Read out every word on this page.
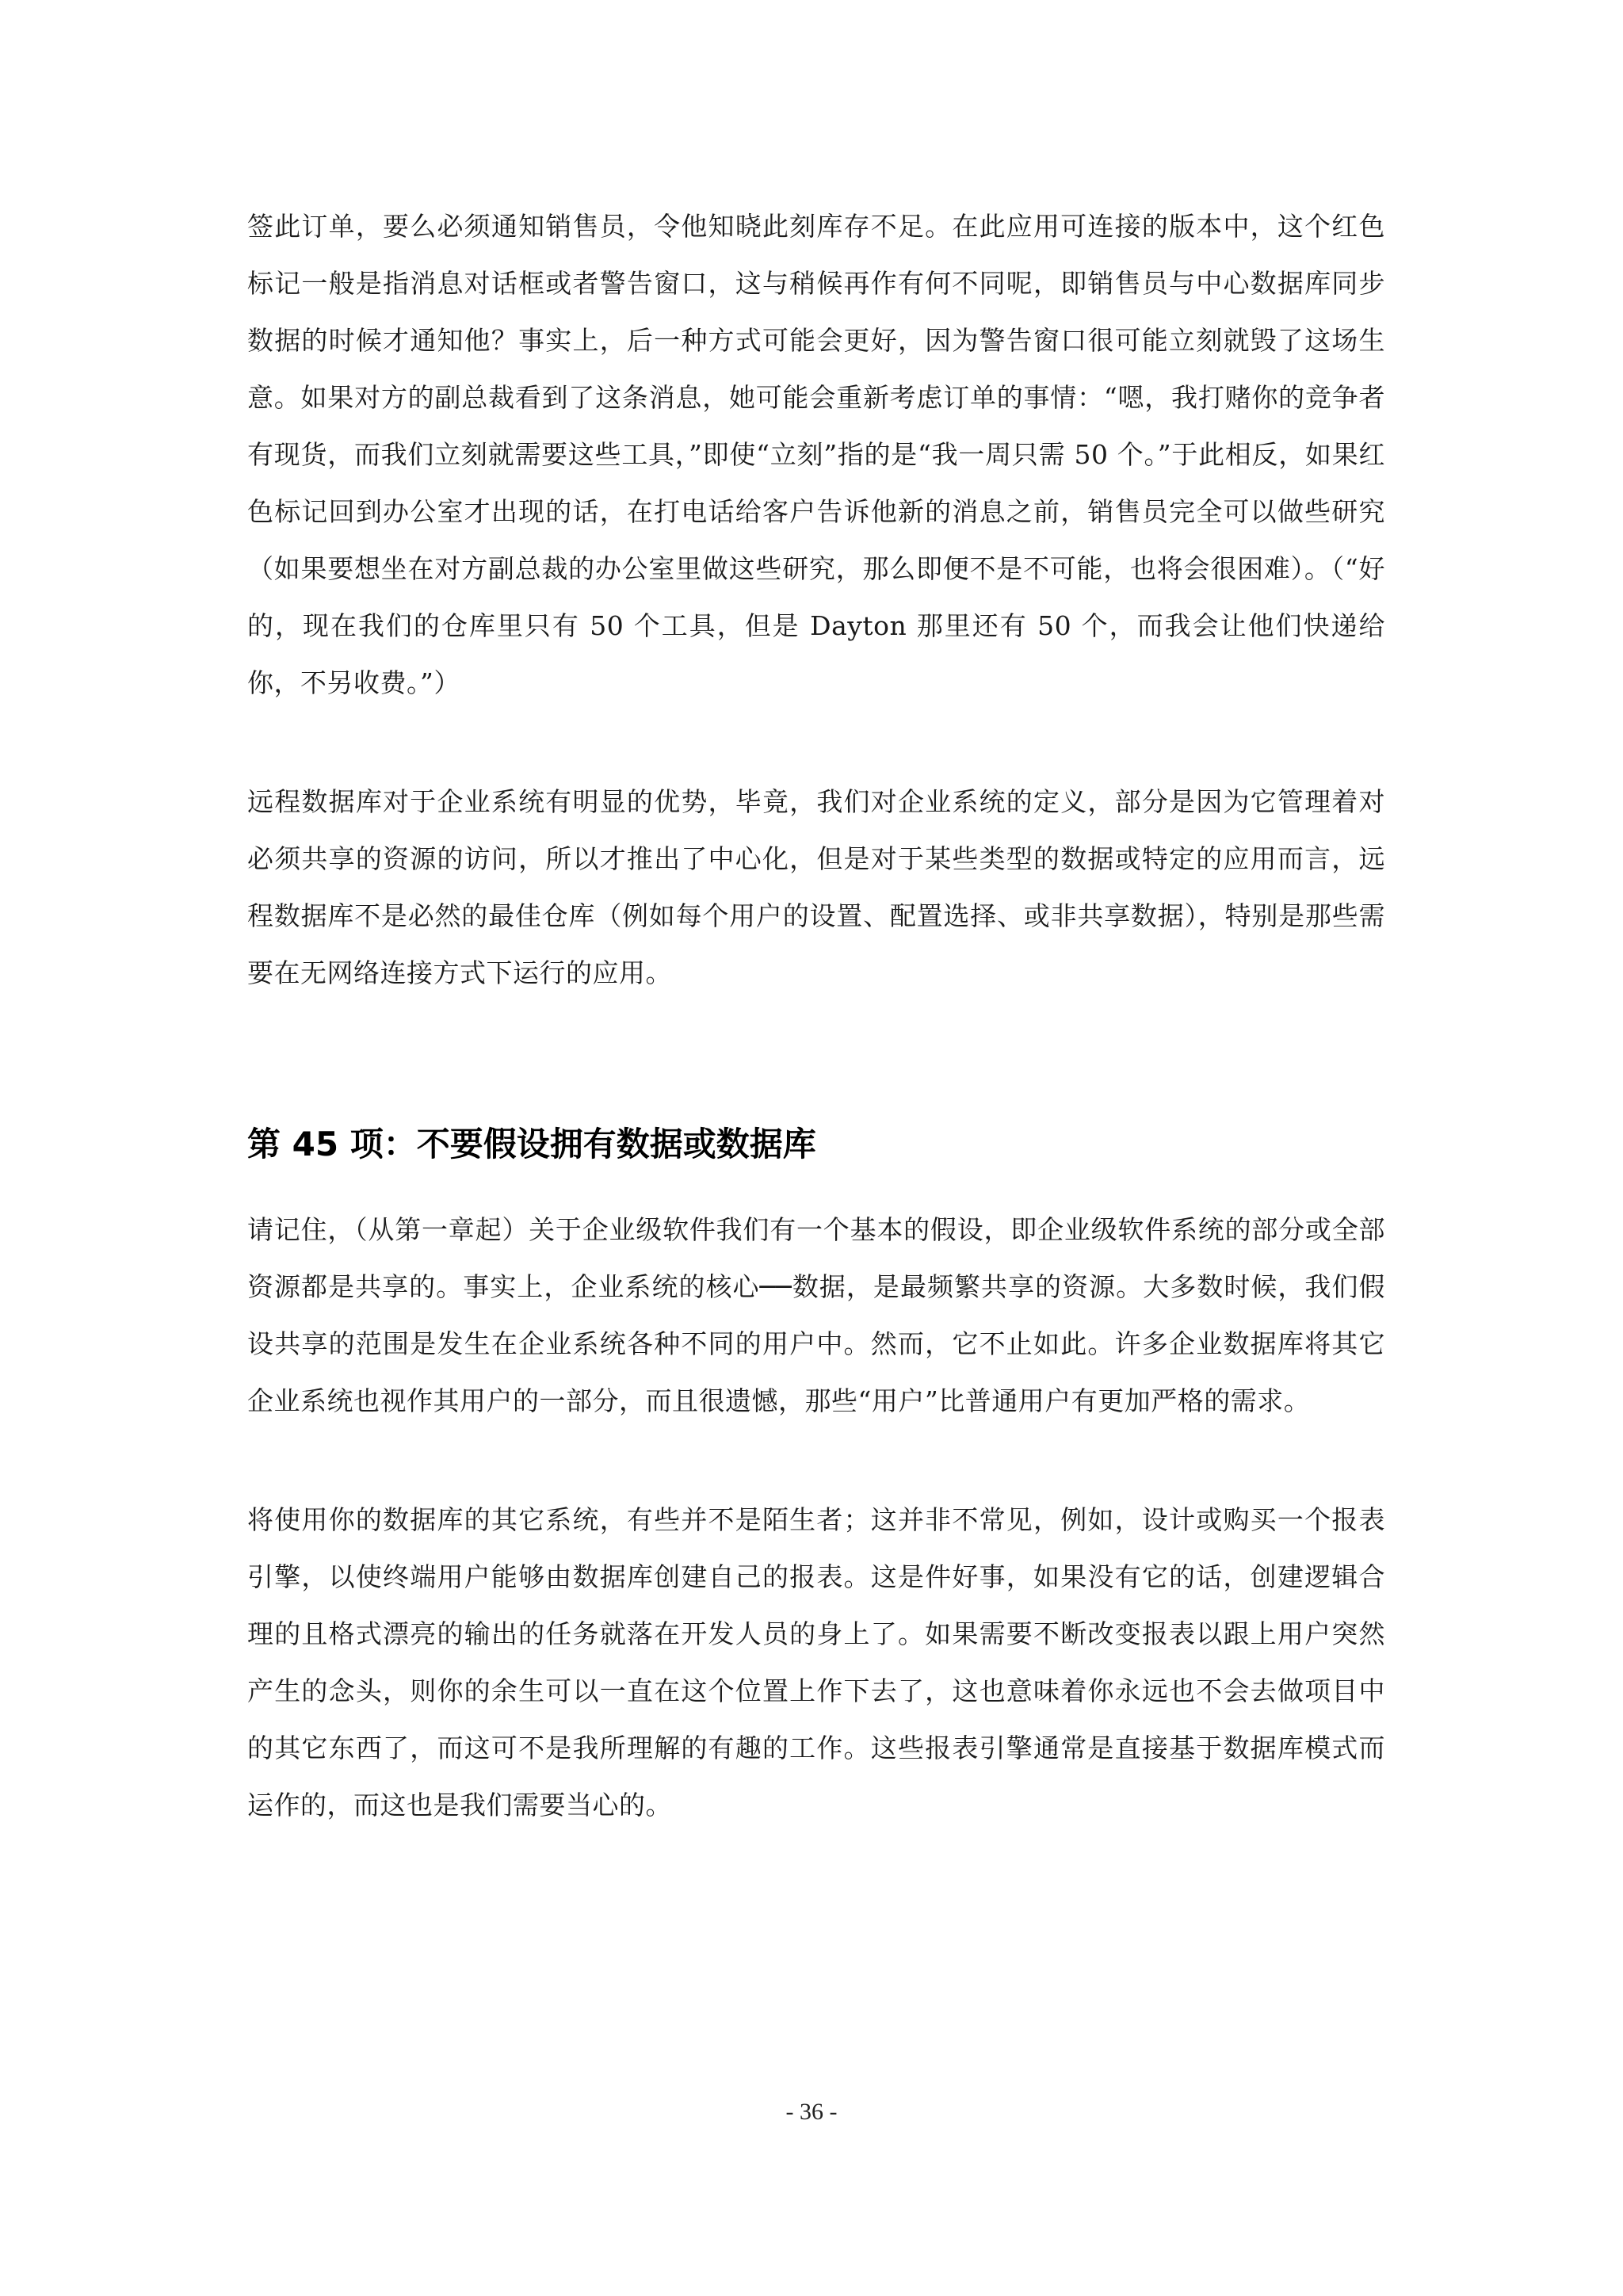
签此订单，要么必须通知销售员，令他知晓此刻库存不足。在此应用可连接的版本中，这个红色标记一般是指消息对话框或者警告窗口，这与稍候再作有何不同呢，即销售员与中心数据库同步数据的时候才通知他？事实上，后一种方式可能会更好，因为警告窗口很可能立刻就毁了这场生意。如果对方的副总裁看到了这条消息，她可能会重新考虑订单的事情：“嗯，我打赌你的竞争者有现货，而我们立刻就需要这些工具，”即使“立刻”指的是“我一周只需 50 个。”于此相反，如果红色标记回到办公室才出现的话，在打电话给客户告诉他新的消息之前，销售员完全可以做些研究（如果要想坐在对方副总裁的办公室里做这些研究，那么即便不是不可能，也将会很困难）。（“好的，现在我们的仓库里只有 50 个工具，但是 Dayton 那里还有 50 个，而我会让他们快递给你，不另收费。”）

远程数据库对于企业系统有明显的优势，毕竟，我们对企业系统的定义，部分是因为它管理着对必须共享的资源的访问，所以才推出了中心化，但是对于某些类型的数据或特定的应用而言，远程数据库不是必然的最佳仓库（例如每个用户的设置、配置选择、或非共享数据），特别是那些需要在无网络连接方式下运行的应用。

第 45 项：不要假设拥有数据或数据库

请记住，（从第一章起）关于企业级软件我们有一个基本的假设，即企业级软件系统的部分或全部资源都是共享的。事实上，企业系统的核心──数据，是最频繁共享的资源。大多数时候，我们假设共享的范围是发生在企业系统各种不同的用户中。然而，它不止如此。许多企业数据库将其它企业系统也视作其用户的一部分，而且很遗憾，那些“用户”比普通用户有更加严格的需求。

将使用你的数据库的其它系统，有些并不是陌生者；这并非不常见，例如，设计或购买一个报表引擎，以使终端用户能够由数据库创建自己的报表。这是件好事，如果没有它的话，创建逻辑合理的且格式漂亮的输出的任务就落在开发人员的身上了。如果需要不断改变报表以跟上用户突然产生的念头，则你的余生可以一直在这个位置上作下去了，这也意味着你永远也不会去做项目中的其它东西了，而这可不是我所理解的有趣的工作。这些报表引擎通常是直接基于数据库模式而运作的，而这也是我们需要当心的。

- 36 -
